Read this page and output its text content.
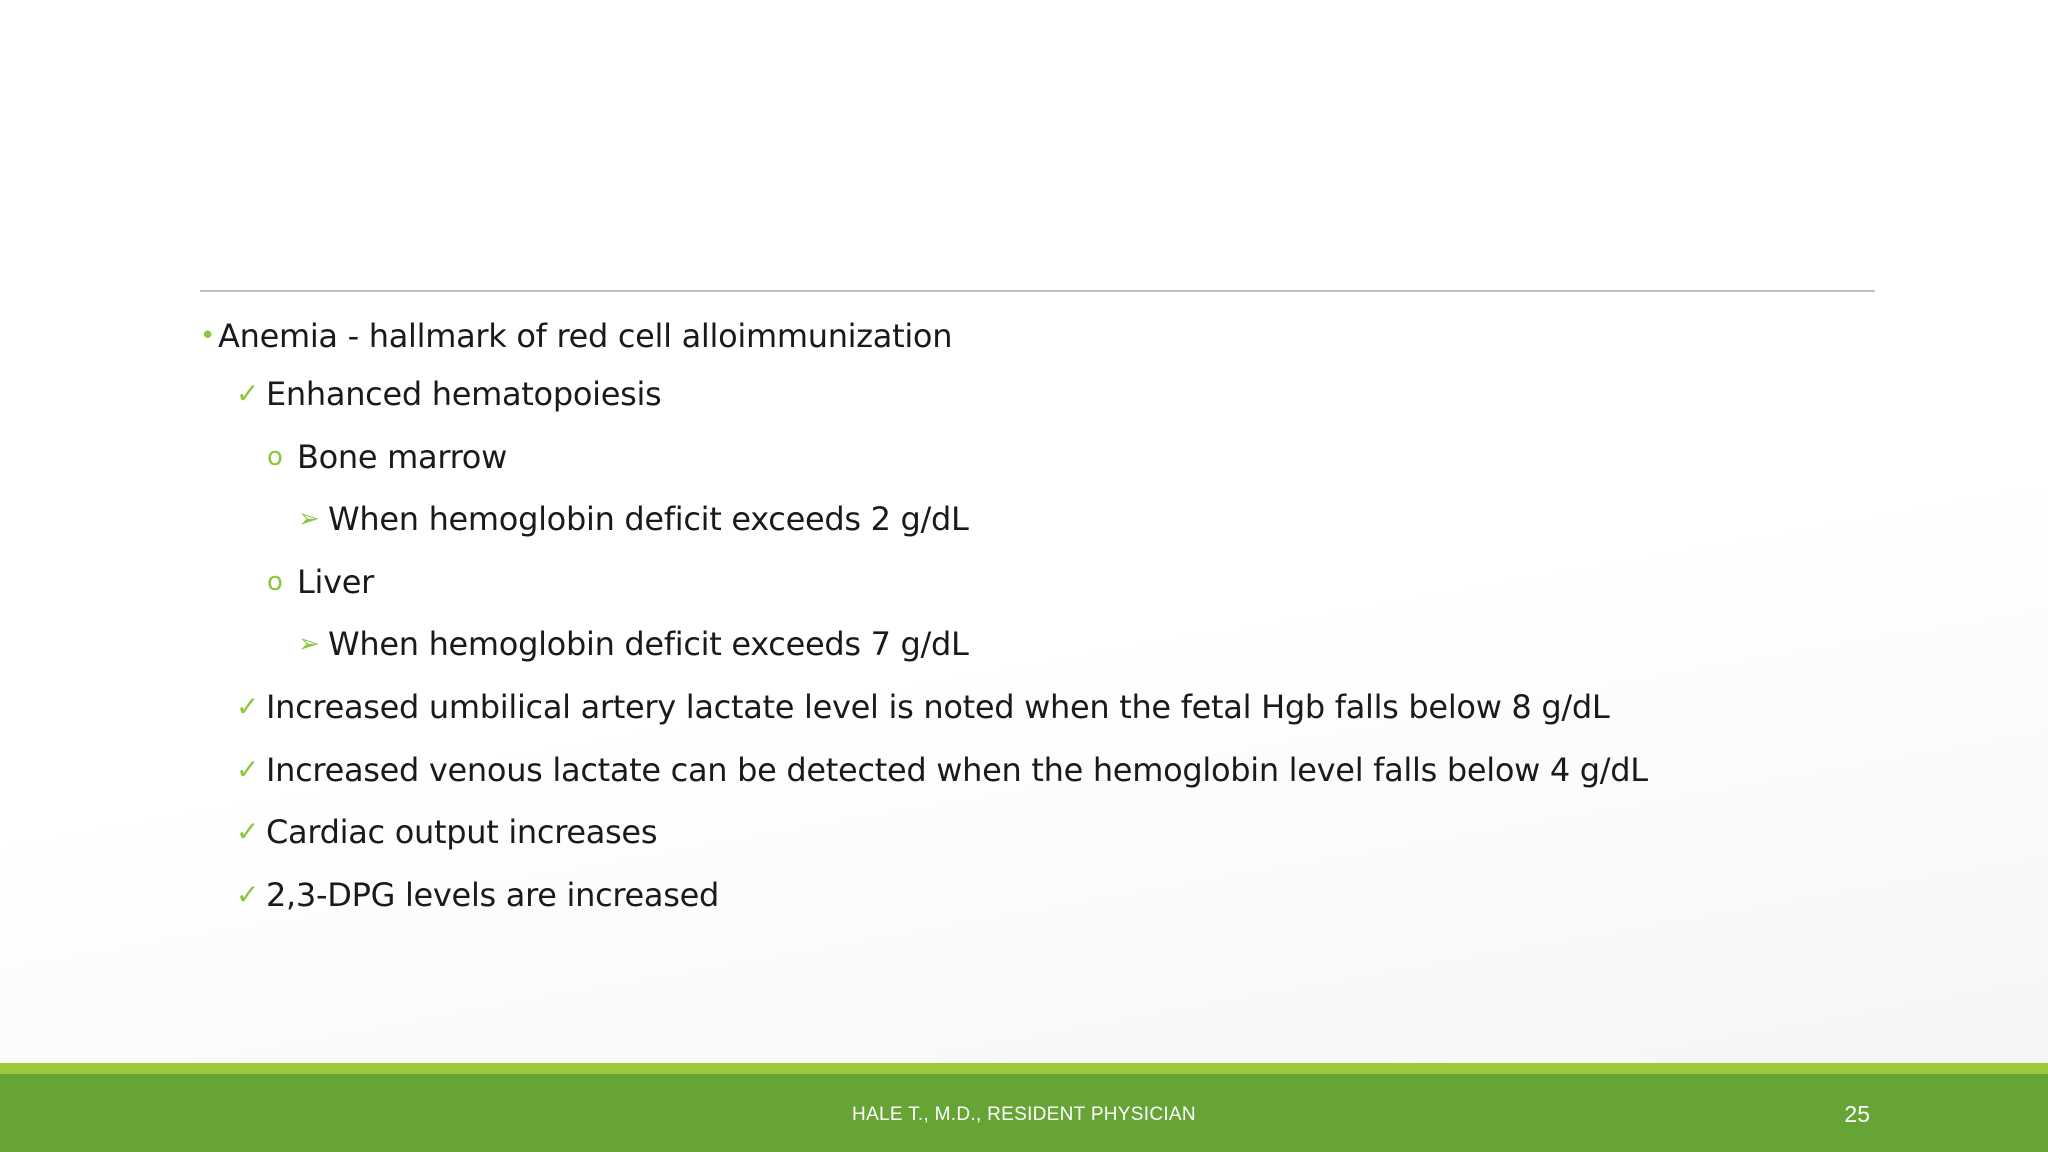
•Anemia - hallmark of red cell alloimmunization
✓ Enhanced hematopoiesis
o Bone marrow
➢ When hemoglobin deficit exceeds 2 g/dL
o Liver
➢ When hemoglobin deficit exceeds 7 g/dL
✓Increased umbilical artery lactate level is noted when the fetal Hgb falls below 8 g/dL
✓ Increased venous lactate can be detected when the hemoglobin level falls below 4 g/dL
✓ Cardiac output increases
✓ 2,3-DPG levels are increased
HALE T., M.D., RESIDENT PHYSICIAN	25
